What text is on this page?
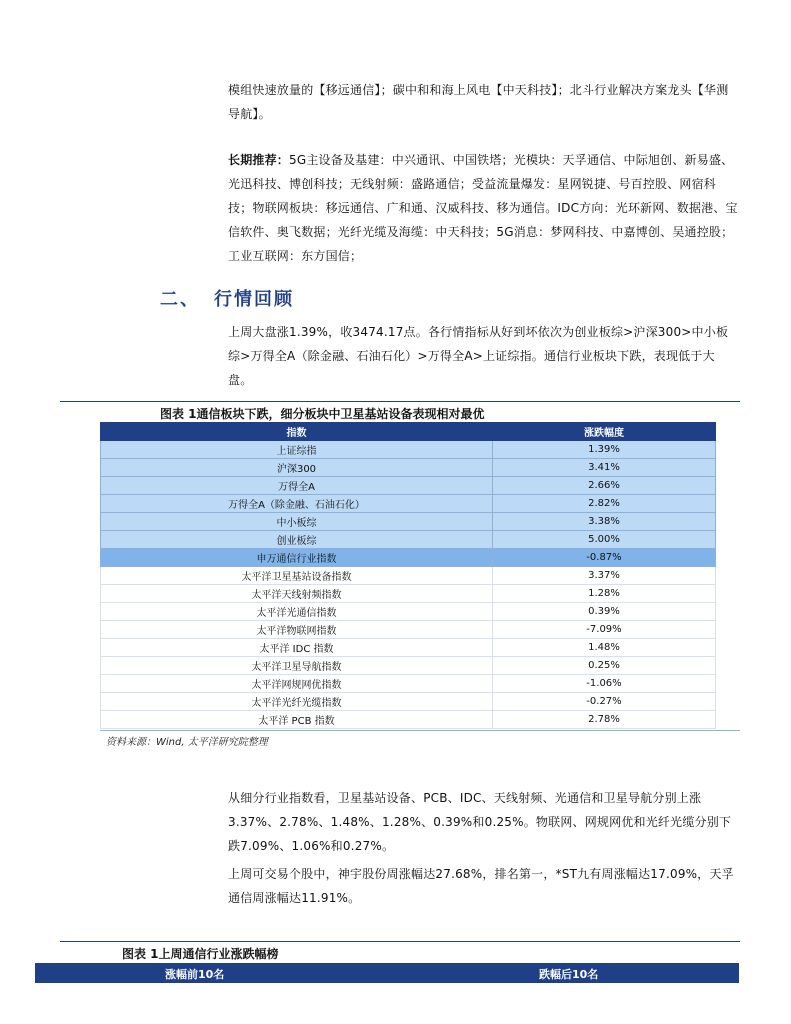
模组快速放量的【移远通信】；碳中和和海上风电【中天科技】；北斗行业解决方案龙头【华测导航】。
长期推荐：5G主设备及基建：中兴通讯、中国铁塔；光模块：天孚通信、中际旭创、新易盛、光迅科技、博创科技；无线射频：盛路通信；受益流量爆发：星网锐捷、号百控股、网宿科技；物联网板块：移远通信、广和通、汉威科技、移为通信。IDC方向：光环新网、数据港、宝信软件、奥飞数据；光纤光缆及海缆：中天科技；5G消息：梦网科技、中嘉博创、吴通控股；工业互联网：东方国信；
二、 行情回顾
上周大盘涨1.39%，收3474.17点。各行情指标从好到坏依次为创业板综>沪深300>中小板综>万得全A（除金融、石油石化）>万得全A>上证综指。通信行业板块下跌，表现低于大盘。
图表 1通信板块下跌，细分板块中卫星基站设备表现相对最优
指数	涨跌幅度
上证综指	1.39%
沪深300	3.41%
万得全A	2.66%
万得全A（除金融、石油石化）	2.82%
中小板综	3.38%
创业板综	5.00%
申万通信行业指数	-0.87%
太平洋卫星基站设备指数	3.37%
太平洋天线射频指数	1.28%
太平洋光通信指数	0.39%
太平洋物联网指数	-7.09%
太平洋 IDC 指数	1.48%
太平洋卫星导航指数	0.25%
太平洋网规网优指数	-1.06%
太平洋光纤光缆指数	-0.27%
太平洋 PCB 指数	2.78%
资料来源：Wind, 太平洋研究院整理
从细分行业指数看，卫星基站设备、PCB、IDC、天线射频、光通信和卫星导航分别上涨3.37%、2.78%、1.48%、1.28%、0.39%和0.25%。物联网、网规网优和光纤光缆分别下跌7.09%、1.06%和0.27%。
上周可交易个股中，神宇股份周涨幅达27.68%，排名第一，*ST九有周涨幅达17.09%，天孚通信周涨幅达11.91%。
图表 1上周通信行业涨跌幅榜
涨幅前10名	跌幅后10名
